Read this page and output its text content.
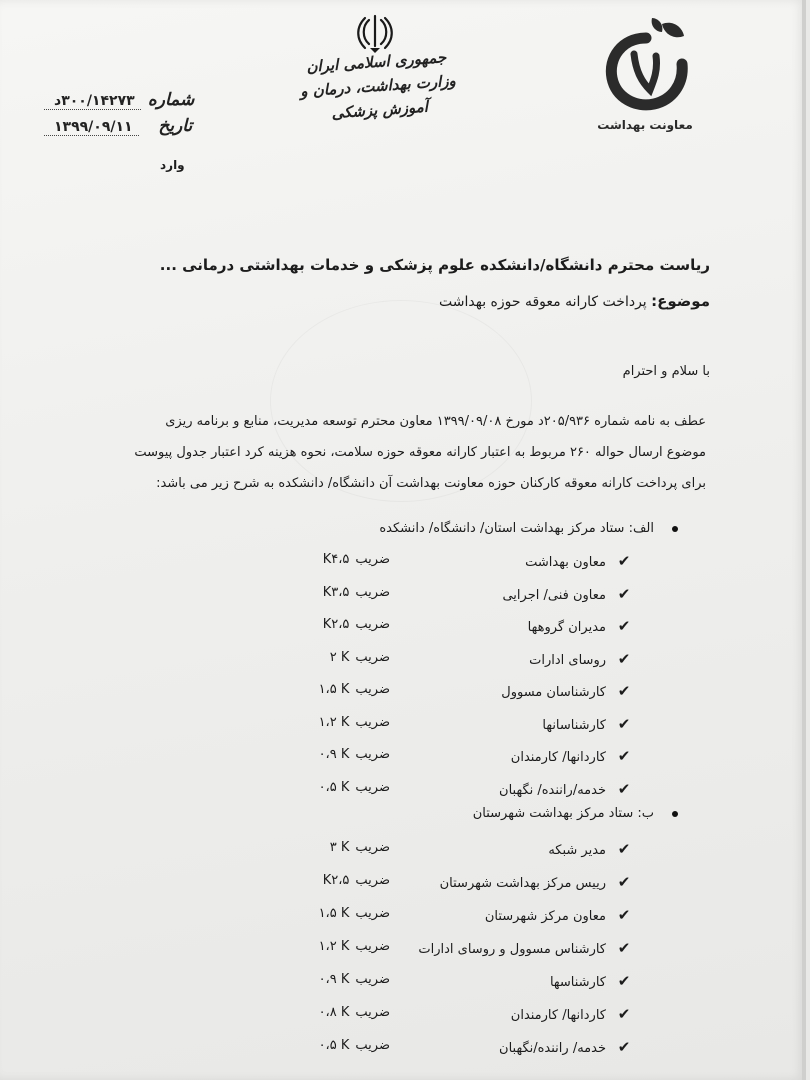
جمهوری اسلامی ایران
وزارت بهداشت، درمان و آموزش پزشکی
معاونت بهداشت
شماره ۳۰۰/۱۴۲۷۳د
تاریخ ۱۳۹۹/۰۹/۱۱
وارد
ریاست محترم دانشگاه/دانشکده علوم پزشکی و خدمات بهداشتی درمانی ...
موضوع: پرداخت کارانه معوقه حوزه بهداشت
با سلام و احترام
عطف به نامه شماره ۲۰۵/۹۳۶د مورخ ۱۳۹۹/۰۹/۰۸ معاون محترم توسعه مدیریت، منابع و برنامه ریزی
موضوع ارسال حواله ۲۶۰ مربوط به اعتبار کارانه معوقه حوزه سلامت، نحوه هزینه کرد اعتبار جدول پیوست
برای پرداخت کارانه معوقه کارکنان حوزه معاونت بهداشت آن دانشگاه/ دانشکده به شرح زیر می باشد:
الف: ستاد مرکز بهداشت استان/ دانشگاه/ دانشکده
✔معاون بهداشت
ضریبK۴،۵
✔معاون فنی/ اجرایی
ضریبK۳،۵
✔مدیران گروهها
ضریبK۲،۵
✔روسای ادارات
ضریب۲ K
✔کارشناسان مسوول
ضریب۱،۵ K
✔کارشناسانها
ضریب۱،۲ K
✔کاردانها/ کارمندان
ضریب۰،۹ K
✔خدمه/راننده/ نگهبان
ضریب۰،۵ K
ب: ستاد مرکز بهداشت شهرستان
✔مدیر شبکه
ضریب۳ K
✔رییس مرکز بهداشت شهرستان
ضریبK۲،۵
✔معاون مرکز شهرستان
ضریب۱،۵ K
✔کارشناس مسوول و روسای ادارات
ضریب۱،۲ K
✔کارشناسها
ضریب۰،۹ K
✔کاردانها/ کارمندان
ضریب۰،۸ K
✔خدمه/ راننده/نگهبان
ضریب۰،۵ K
